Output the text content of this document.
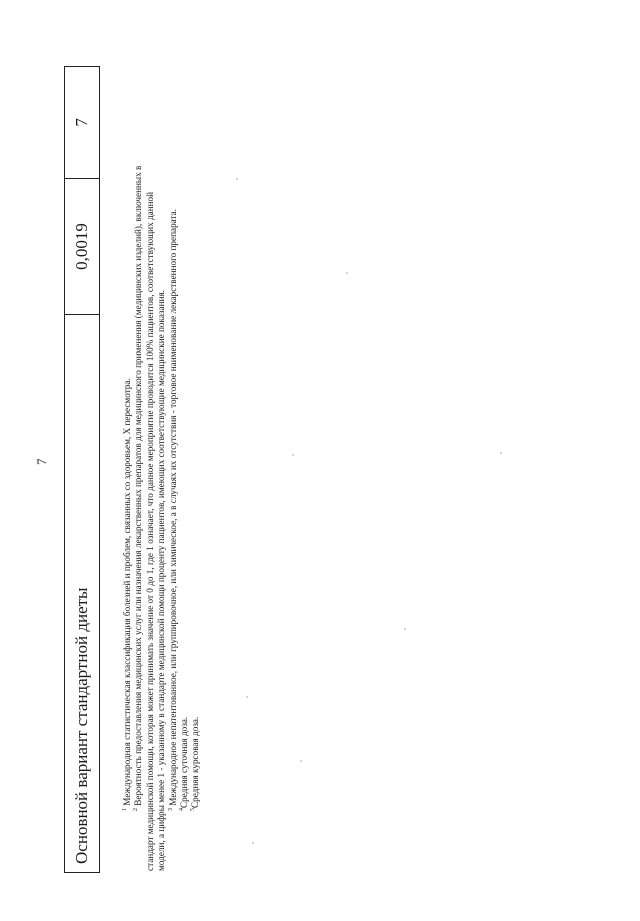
7
Основной вариант стандартной диеты
0,0019
7

$^1$ Международная статистическая классификация болезней и проблем, связанных со здоровьем, X пересмотра.

$^2$ Вероятность предоставления медицинских услуг или назначения лекарственных препаратов для медицинского применения (медицинских изделий), включенных в стандарт медицинской помощи, которая может принимать значение от 0 до 1, где 1 означает, что данное мероприятие проводится 100% пациентов, соответствующих данной модели, а цифры менее 1 - указанному в стандарте медицинской помощи проценту пациентов, имеющих соответствующие медицинские показания. $^3$ Международное непатентованное, или группировочное, или химическое, а в случаях их отсутствия - торговое наименование лекарственного препарата.

$^4$Средняя суточная доза.

$^5$Средняя курсовая доза.
